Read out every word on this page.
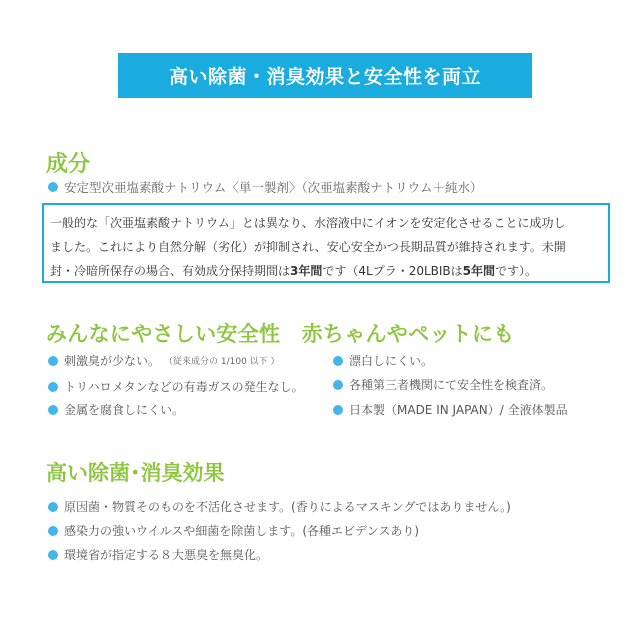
高い除菌・消臭効果と安全性を両立
成分
安定型次亜塩素酸ナトリウム〈単一製剤〉（次亜塩素酸ナトリウム＋純水）
一般的な「次亜塩素酸ナトリウム」とは異なり、水溶液中にイオンを安定化させることに成功し
ました。これにより自然分解（劣化）が抑制され、安心安全かつ長期品質が維持されます。未開
封・冷暗所保存の場合、有効成分保持期間は3年間です（4Lプラ・20LBIBは5年間です）。
みんなにやさしい安全性　赤ちゃんやペットにも
刺激臭が少ない。 （従来成分の 1/100 以下 ）
トリハロメタンなどの有毒ガスの発生なし。
金属を腐食しにくい。
漂白しにくい。
各種第三者機関にて安全性を検査済。
日本製（MADE IN JAPAN）/ 全液体製品
高い除菌･消臭効果
原因菌・物質そのものを不活化させます。(香りによるマスキングではありません。)
感染力の強いウイルスや細菌を除菌します。(各種エビデンスあり)
環境省が指定する８大悪臭を無臭化。
